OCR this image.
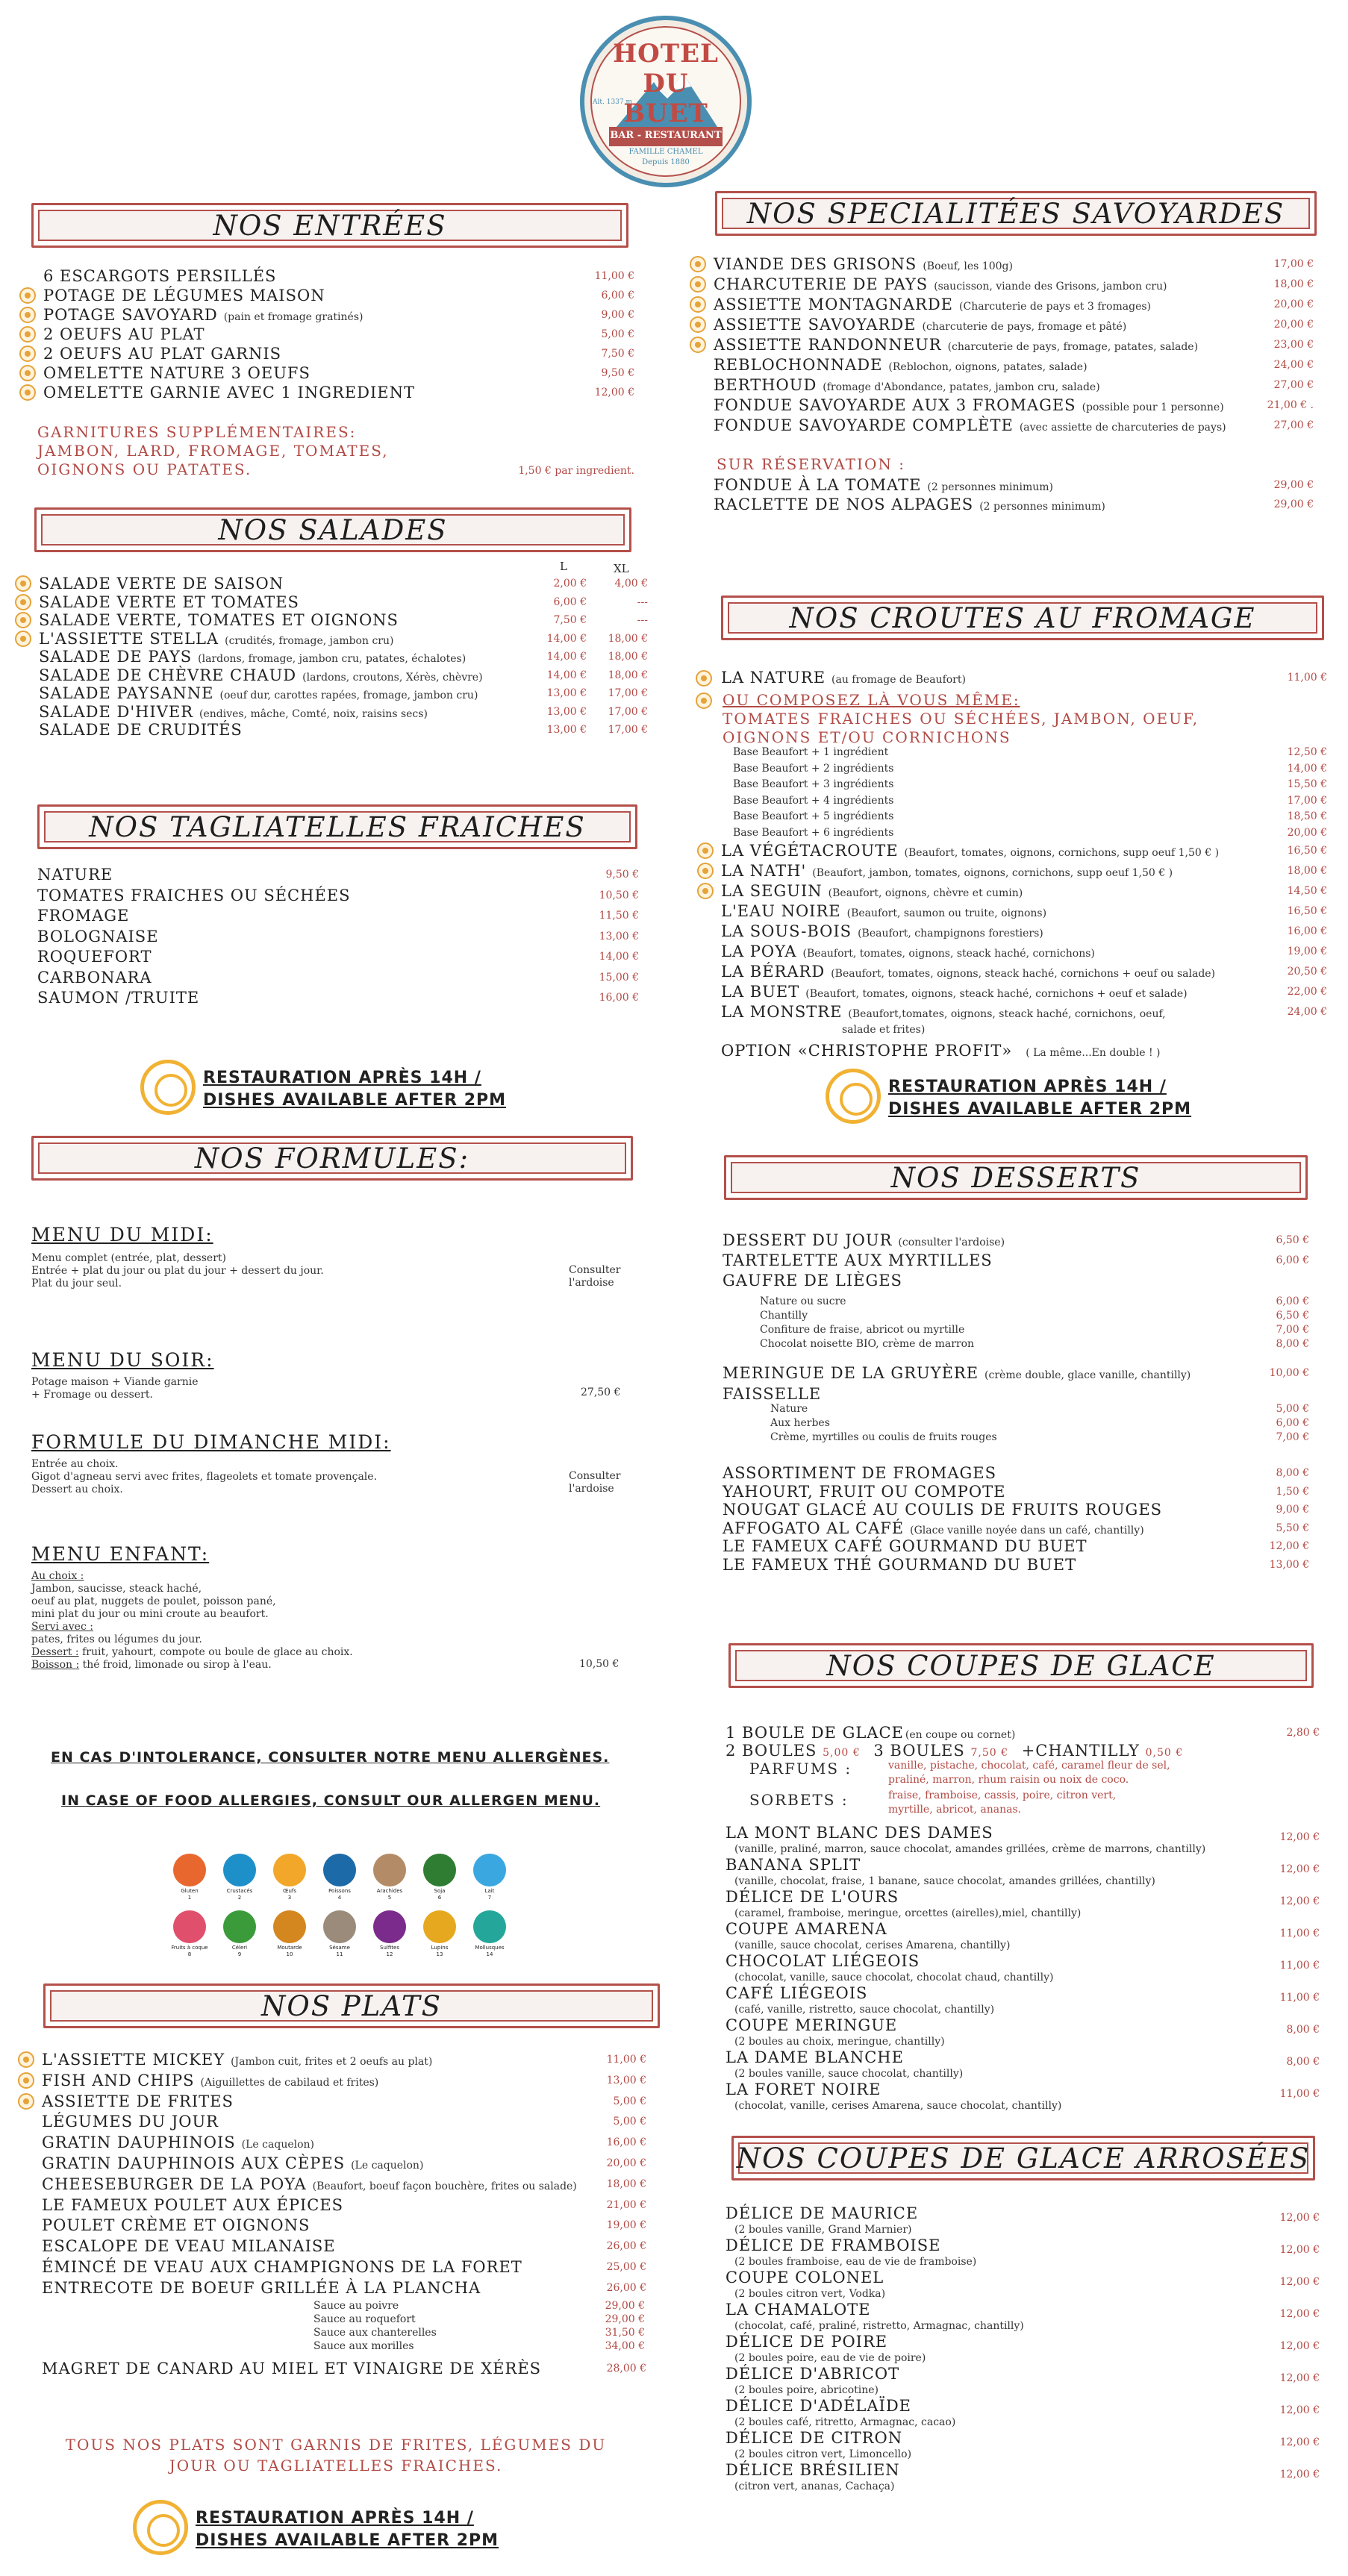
HOTEL DU BUET
BAR - RESTAURANT
FAMILLE CHAMEL
Depuis 1880
Alt. 1337 m
NOS ENTRÉES
6 ESCARGOTS PERSILLÉS	11,00 €
POTAGE DE LÉGUMES MAISON	6,00 €
POTAGE SAVOYARD (pain et fromage gratinés)	9,00 €
2 OEUFS AU PLAT	5,00 €
2 OEUFS AU PLAT GARNIS	7,50 €
OMELETTE NATURE 3 OEUFS	9,50 €
OMELETTE GARNIE AVEC 1 INGREDIENT	12,00 €
GARNITURES SUPPLÉMENTAIRES:
JAMBON, LARD, FROMAGE, TOMATES,
OIGNONS OU PATATES.	1,50 € par ingredient.
NOS SALADES
L	XL
SALADE VERTE DE SAISON	2,00 €	4,00 €
SALADE VERTE ET TOMATES	6,00 €	---
SALADE VERTE, TOMATES ET OIGNONS	7,50 €	---
L'ASSIETTE STELLA (crudités, fromage, jambon cru)	14,00 € 18,00 €
SALADE DE PAYS (lardons, fromage, jambon cru, patates, échalotes)	14,00 € 18,00 €
SALADE DE CHÈVRE CHAUD (lardons, croutons, Xérès, chèvre)	14,00 € 18,00 €
SALADE PAYSANNE (oeuf dur, carottes rapées, fromage, jambon cru)	13,00 € 17,00 €
SALADE D'HIVER (endives, mâche, Comté, noix, raisins secs)	13,00 € 17,00 €
SALADE DE CRUDITÉS	13,00 € 17,00 €
NOS TAGLIATELLES FRAICHES
NATURE	9,50 €
TOMATES FRAICHES OU SÉCHÉES	10,50 €
FROMAGE	11,50 €
BOLOGNAISE	13,00 €
ROQUEFORT	14,00 €
CARBONARA	15,00 €
SAUMON /TRUITE	16,00 €
RESTAURATION APRÈS 14H /
DISHES AVAILABLE AFTER 2PM
NOS FORMULES:
MENU DU MIDI:
Menu complet (entrée, plat, dessert)
Entrée + plat du jour ou plat du jour + dessert du jour.
Plat du jour seul.
Consulter
l'ardoise
MENU DU SOIR:
Potage maison + Viande garnie
+ Fromage ou dessert.	27,50 €
FORMULE DU DIMANCHE MIDI:
Entrée au choix.
Gigot d'agneau servi avec frites, flageolets et tomate provençale.
Dessert au choix.
Consulter
l'ardoise
MENU ENFANT:
Au choix :
Jambon, saucisse, steack haché,
oeuf au plat, nuggets de poulet, poisson pané,
mini plat du jour ou mini croute au beaufort.
Servi avec :
pates, frites ou légumes du jour.
Dessert : fruit, yahourt, compote ou boule de glace au choix.
Boisson : thé froid, limonade ou sirop à l'eau.	10,50 €
EN CAS D'INTOLERANCE, CONSULTER NOTRE MENU ALLERGÈNES.
IN CASE OF FOOD ALLERGIES, CONSULT OUR ALLERGEN MENU.
Gluten
1
Crustacés
2
Œufs
3
Poissons
4
Arachides
5
Soja
6
Lait
7
Fruits à coque
8
Céleri
9
Moutarde
10
Sésame
11
Sulfites
12
Lupins
13
Mollusques
14
NOS PLATS
L'ASSIETTE MICKEY (Jambon cuit, frites et 2 oeufs au plat)	11,00 €
FISH AND CHIPS (Aiguillettes de cabilaud et frites)	13,00 €
ASSIETTE DE FRITES	5,00 €
LÉGUMES DU JOUR	5,00 €
GRATIN DAUPHINOIS (Le caquelon)	16,00 €
GRATIN DAUPHINOIS AUX CÈPES (Le caquelon)	20,00 €
CHEESEBURGER DE LA POYA (Beaufort, boeuf façon bouchère, frites ou salade)	18,00 €
LE FAMEUX POULET AUX ÉPICES	21,00 €
POULET CRÈME ET OIGNONS	19,00 €
ESCALOPE DE VEAU MILANAISE	26,00 €
ÉMINCÉ DE VEAU AUX CHAMPIGNONS DE LA FORET	25,00 €
ENTRECOTE DE BOEUF GRILLÉE À LA PLANCHA	26,00 €
Sauce au poivre	29,00 €
Sauce au roquefort	29,00 €
Sauce aux chanterelles	31,50 €
Sauce aux morilles	34,00 €
MAGRET DE CANARD AU MIEL ET VINAIGRE DE XÉRÈS	28,00 €
TOUS NOS PLATS SONT GARNIS DE FRITES, LÉGUMES DU
JOUR OU TAGLIATELLES FRAICHES.
RESTAURATION APRÈS 14H /
DISHES AVAILABLE AFTER 2PM
NOS SPECIALITÉES SAVOYARDES
VIANDE DES GRISONS (Boeuf, les 100g)	17,00 €
CHARCUTERIE DE PAYS (saucisson, viande des Grisons, jambon cru)	18,00 €
ASSIETTE MONTAGNARDE (Charcuterie de pays et 3 fromages)	20,00 €
ASSIETTE SAVOYARDE (charcuterie de pays, fromage et pâté)	20,00 €
ASSIETTE RANDONNEUR (charcuterie de pays, fromage, patates, salade)	23,00 €
REBLOCHONNADE (Reblochon, oignons, patates, salade)	24,00 €
BERTHOUD (fromage d'Abondance, patates, jambon cru, salade)	27,00 €
FONDUE SAVOYARDE AUX 3 FROMAGES (possible pour 1 personne)	21,00 € .
FONDUE SAVOYARDE COMPLÈTE (avec assiette de charcuteries de pays)	27,00 €
SUR RÉSERVATION :
FONDUE À LA TOMATE (2 personnes minimum)	29,00 €
RACLETTE DE NOS ALPAGES (2 personnes minimum)	29,00 €
NOS CROUTES AU FROMAGE
LA NATURE (au fromage de Beaufort)	11,00 €
OU COMPOSEZ LÀ VOUS MÊME:
TOMATES FRAICHES OU SÉCHÉES, JAMBON, OEUF,
OIGNONS ET/OU CORNICHONS
Base Beaufort + 1 ingrédient	12,50 €
Base Beaufort + 2 ingrédients	14,00 €
Base Beaufort + 3 ingrédients	15,50 €
Base Beaufort + 4 ingrédients	17,00 €
Base Beaufort + 5 ingrédients	18,50 €
Base Beaufort + 6 ingrédients	20,00 €
LA VÉGÉTACROUTE (Beaufort, tomates, oignons, cornichons, supp oeuf 1,50 € )	16,50 €
LA NATH' (Beaufort, jambon, tomates, oignons, cornichons, supp oeuf 1,50 € )	18,00 €
LA SEGUIN (Beaufort, oignons, chèvre et cumin)	14,50 €
L'EAU NOIRE (Beaufort, saumon ou truite, oignons)	16,50 €
LA SOUS-BOIS (Beaufort, champignons forestiers)	16,00 €
LA POYA (Beaufort, tomates, oignons, steack haché, cornichons)	19,00 €
LA BÉRARD (Beaufort, tomates, oignons, steack haché, cornichons + oeuf ou salade)	20,50 €
LA BUET (Beaufort, tomates, oignons, steack haché, cornichons + oeuf et salade)	22,00 €
LA MONSTRE (Beaufort,tomates, oignons, steack haché, cornichons, oeuf,	24,00 €
salade et frites)
OPTION «CHRISTOPHE PROFIT» ( La même...En double ! )
RESTAURATION APRÈS 14H /
DISHES AVAILABLE AFTER 2PM
NOS DESSERTS
DESSERT DU JOUR (consulter l'ardoise)	6,50 €
TARTELETTE AUX MYRTILLES	6,00 €
GAUFRE DE LIÈGES
Nature ou sucre	6,00 €
Chantilly	6,50 €
Confiture de fraise, abricot ou myrtille	7,00 €
Chocolat noisette BIO, crème de marron	8,00 €
MERINGUE DE LA GRUYÈRE (crème double, glace vanille, chantilly)	10,00 €
FAISSELLE
Nature	5,00 €
Aux herbes	6,00 €
Crème, myrtilles ou coulis de fruits rouges	7,00 €
ASSORTIMENT DE FROMAGES	8,00 €
YAHOURT, FRUIT OU COMPOTE	1,50 €
NOUGAT GLACÉ AU COULIS DE FRUITS ROUGES	9,00 €
AFFOGATO AL CAFÉ (Glace vanille noyée dans un café, chantilly)	5,50 €
LE FAMEUX CAFÉ GOURMAND DU BUET	12,00 €
LE FAMEUX THÉ GOURMAND DU BUET	13,00 €
NOS COUPES DE GLACE
1 BOULE DE GLACE (en coupe ou cornet)	2,80 €
2 BOULES 5,00 € 3 BOULES 7,50 € +CHANTILLY 0,50 €
PARFUMS :	vanille, pistache, chocolat, café, caramel fleur de sel,
praliné, marron, rhum raisin ou noix de coco.
SORBETS :	fraise, framboise, cassis, poire, citron vert,
myrtille, abricot, ananas.
LA MONT BLANC DES DAMES	12,00 €
(vanille, praliné, marron, sauce chocolat, amandes grillées, crème de marrons, chantilly)
BANANA SPLIT	12,00 €
(vanille, chocolat, fraise, 1 banane, sauce chocolat, amandes grillées, chantilly)
DÉLICE DE L'OURS	12,00 €
(caramel, framboise, meringue, orcettes (airelles),miel, chantilly)
COUPE AMARENA	11,00 €
(vanille, sauce chocolat, cerises Amarena, chantilly)
CHOCOLAT LIÉGEOIS	11,00 €
(chocolat, vanille, sauce chocolat, chocolat chaud, chantilly)
CAFÉ LIÉGEOIS	11,00 €
(café, vanille, ristretto, sauce chocolat, chantilly)
COUPE MERINGUE	8,00 €
(2 boules au choix, meringue, chantilly)
LA DAME BLANCHE	8,00 €
(2 boules vanille, sauce chocolat, chantilly)
LA FORET NOIRE	11,00 €
(chocolat, vanille, cerises Amarena, sauce chocolat, chantilly)
NOS COUPES DE GLACE ARROSÉES
DÉLICE DE MAURICE	12,00 €
(2 boules vanille, Grand Marnier)
DÉLICE DE FRAMBOISE	12,00 €
(2 boules framboise, eau de vie de framboise)
COUPE COLONEL	12,00 €
(2 boules citron vert, Vodka)
LA CHAMALOTE	12,00 €
(chocolat, café, praliné, ristretto, Armagnac, chantilly)
DÉLICE DE POIRE	12,00 €
(2 boules poire, eau de vie de poire)
DÉLICE D'ABRICOT	12,00 €
(2 boules poire, abricotine)
DÉLICE D'ADÉLAÏDE	12,00 €
(2 boules café, ritretto, Armagnac, cacao)
DÉLICE DE CITRON	12,00 €
(2 boules citron vert, Limoncello)
DÉLICE BRÉSILIEN	12,00 €
(citron vert, ananas, Cachaça)
